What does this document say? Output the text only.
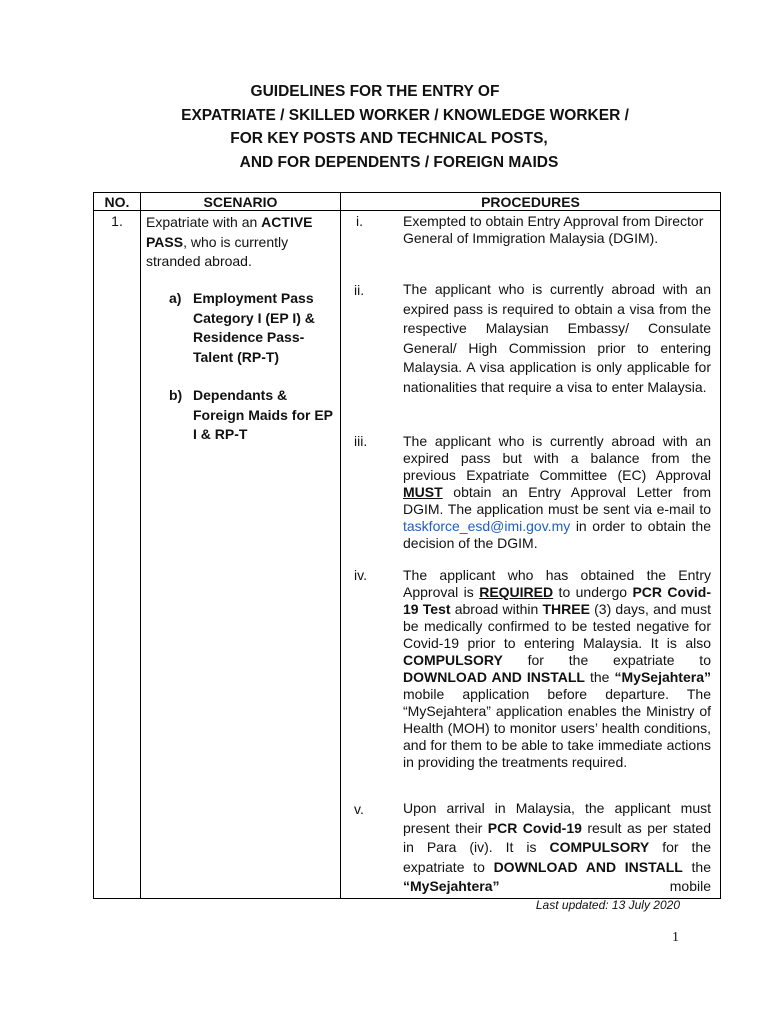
GUIDELINES FOR THE ENTRY OF
EXPATRIATE / SKILLED WORKER / KNOWLEDGE WORKER /
FOR KEY POSTS AND TECHNICAL POSTS,
AND FOR DEPENDENTS / FOREIGN MAIDS
NO.	SCENARIO	PROCEDURES
1.	Expatriate with an ACTIVE PASS, who is currently stranded abroad.
a) Employment Pass Category I (EP I) & Residence Pass-Talent (RP-T)
b) Dependants & Foreign Maids for EP I & RP-T
i.	Exempted to obtain Entry Approval from Director General of Immigration Malaysia (DGIM).
ii.	The applicant who is currently abroad with an expired pass is required to obtain a visa from the respective Malaysian Embassy/ Consulate General/ High Commission prior to entering Malaysia. A visa application is only applicable for nationalities that require a visa to enter Malaysia.
iii.	The applicant who is currently abroad with an expired pass but with a balance from the previous Expatriate Committee (EC) Approval MUST obtain an Entry Approval Letter from DGIM. The application must be sent via e-mail to taskforce_esd@imi.gov.my in order to obtain the decision of the DGIM.
iv.	The applicant who has obtained the Entry Approval is REQUIRED to undergo PCR Covid-19 Test abroad within THREE (3) days, and must be medically confirmed to be tested negative for Covid-19 prior to entering Malaysia. It is also COMPULSORY for the expatriate to DOWNLOAD AND INSTALL the “MySejahtera” mobile application before departure. The “MySejahtera” application enables the Ministry of Health (MOH) to monitor users’ health conditions, and for them to be able to take immediate actions in providing the treatments required.
v.	Upon arrival in Malaysia, the applicant must present their PCR Covid-19 result as per stated in Para (iv). It is COMPULSORY for the expatriate to DOWNLOAD AND INSTALL the “MySejahtera” mobile
Last updated: 13 July 2020
1
